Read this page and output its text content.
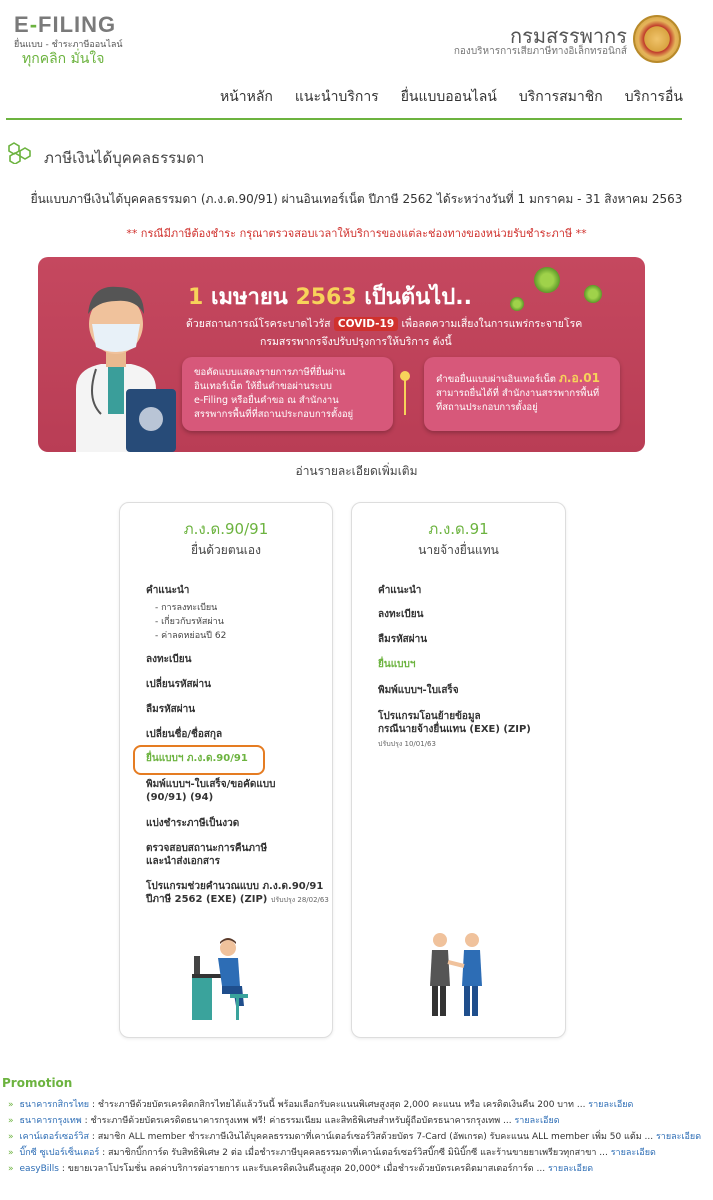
E-FILING
ยื่นแบบ - ชำระภาษีออนไลน์
ทุกคลิก มั่นใจ
กรมสรรพากร
กองบริหารการเสียภาษีทางอิเล็กทรอนิกส์
หน้าหลัก แนะนำบริการ ยื่นแบบออนไลน์ บริการสมาชิก บริการอื่น
ภาษีเงินได้บุคคลธรรมดา
ยื่นแบบภาษีเงินได้บุคคลธรรมดา (ภ.ง.ด.90/91) ผ่านอินเทอร์เน็ต ปีภาษี 2562 ได้ระหว่างวันที่ 1 มกราคม - 31 สิงหาคม 2563
** กรณีมีภาษีต้องชำระ กรุณาตรวจสอบเวลาให้บริการของแต่ละช่องทางของหน่วยรับชำระภาษี **
1 เมษายน 2563 เป็นต้นไป..
ด้วยสถานการณ์โรคระบาดไวรัส COVID-19 เพื่อลดความเสี่ยงในการแพร่กระจายโรค
กรมสรรพากรจึงปรับปรุงการให้บริการ ดังนี้
ขอคัดแบบแสดงรายการภาษีที่ยื่นผ่าน
อินเทอร์เน็ต ให้ยื่นคำขอผ่านระบบ
e-Filing หรือยื่นคำขอ ณ สำนักงาน
สรรพากรพื้นที่ที่สถานประกอบการตั้งอยู่
คำขอยื่นแบบผ่านอินเทอร์เน็ต ภ.อ.01
สามารถยื่นได้ที่ สำนักงานสรรพากรพื้นที่
ที่สถานประกอบการตั้งอยู่
อ่านรายละเอียดเพิ่มเติม
ภ.ง.ด.90/91
ยื่นด้วยตนเอง
คำแนะนำ
- การลงทะเบียน
- เกี่ยวกับรหัสผ่าน
- ค่าลดหย่อนปี 62
ลงทะเบียน
เปลี่ยนรหัสผ่าน
ลืมรหัสผ่าน
เปลี่ยนชื่อ/ชื่อสกุล
ยื่นแบบฯ ภ.ง.ด.90/91
พิมพ์แบบฯ-ใบเสร็จ/ขอคัดแบบ
(90/91) (94)
แบ่งชำระภาษีเป็นงวด
ตรวจสอบสถานะการคืนภาษี
และนำส่งเอกสาร
โปรแกรมช่วยคำนวณแบบ ภ.ง.ด.90/91
ปีภาษี 2562 (EXE) (ZIP) ปรับปรุง 28/02/63
ภ.ง.ด.91
นายจ้างยื่นแทน
คำแนะนำ
ลงทะเบียน
ลืมรหัสผ่าน
ยื่นแบบฯ
พิมพ์แบบฯ-ใบเสร็จ
โปรแกรมโอนย้ายข้อมูล
กรณีนายจ้างยื่นแทน (EXE) (ZIP)
ปรับปรุง 10/01/63
Promotion
» ธนาคารกสิกรไทย : ชำระภาษีด้วยบัตรเครดิตกสิกรไทยได้แล้ววันนี้ พร้อมเลือกรับคะแนนพิเศษสูงสุด 2,000 คะแนน หรือ เครดิตเงินคืน 200 บาท ... รายละเอียด
» ธนาคารกรุงเทพ : ชำระภาษีด้วยบัตรเครดิตธนาคารกรุงเทพ ฟรี! ค่าธรรมเนียม และสิทธิพิเศษสำหรับผู้ถือบัตรธนาคารกรุงเทพ ... รายละเอียด
» เคาน์เตอร์เซอร์วิส : สมาชิก ALL member ชำระภาษีเงินได้บุคคลธรรมดาที่เคาน์เตอร์เซอร์วิสด้วยบัตร 7-Card (อัพเกรด) รับคะแนน ALL member เพิ่ม 50 แต้ม ... รายละเอียด
» บิ๊กซี ซูเปอร์เซ็นเตอร์ : สมาชิกบิ๊กการ์ด รับสิทธิพิเศษ 2 ต่อ เมื่อชำระภาษีบุคคลธรรมดาที่เคาน์เตอร์เซอร์วิสบิ๊กซี มินิบิ๊กซี และร้านขายยาเพรียวทุกสาขา ... รายละเอียด
» easyBills : ขยายเวลาโปรโมชั่น ลดค่าบริการต่อรายการ และรับเครดิตเงินคืนสูงสุด 20,000* เมื่อชำระด้วยบัตรเครดิตมาสเตอร์การ์ด ... รายละเอียด
